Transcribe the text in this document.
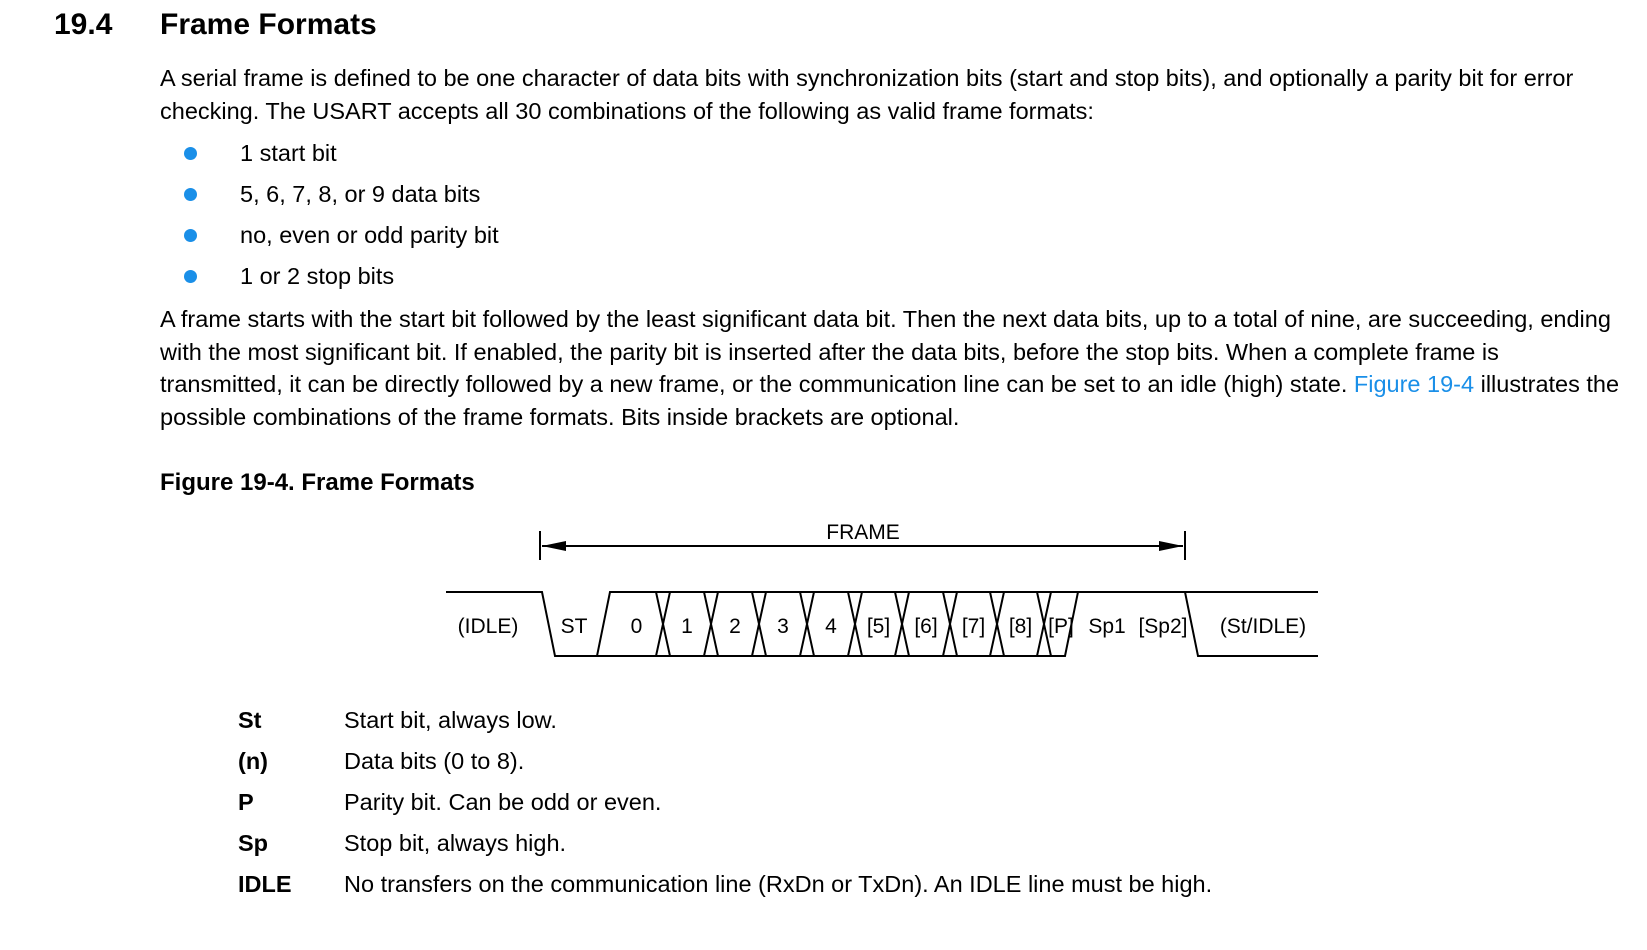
19.4 Frame Formats

A serial frame is defined to be one character of data bits with synchronization bits (start and stop bits), and optionally a parity bit for error checking. The USART accepts all 30 combinations of the following as valid frame formats:

1 start bit
5, 6, 7, 8, or 9 data bits
no, even or odd parity bit
1 or 2 stop bits

A frame starts with the start bit followed by the least significant data bit. Then the next data bits, up to a total of nine, are succeeding, ending with the most significant bit. If enabled, the parity bit is inserted after the data bits, before the stop bits. When a complete frame is transmitted, it can be directly followed by a new frame, or the communication line can be set to an idle (high) state. Figure 19-4 illustrates the possible combinations of the frame formats. Bits inside brackets are optional.

Figure 19-4. Frame Formats
FRAME
(IDLE) ST 0 1 2 3 4 [5] [6] [7] [8] [P] Sp1 [Sp2] (St/IDLE)
St	Start bit, always low.
(n)	Data bits (0 to 8).
P	Parity bit. Can be odd or even.
Sp	Stop bit, always high.
IDLE No transfers on the communication line (RxDn or TxDn). An IDLE line must be high.
